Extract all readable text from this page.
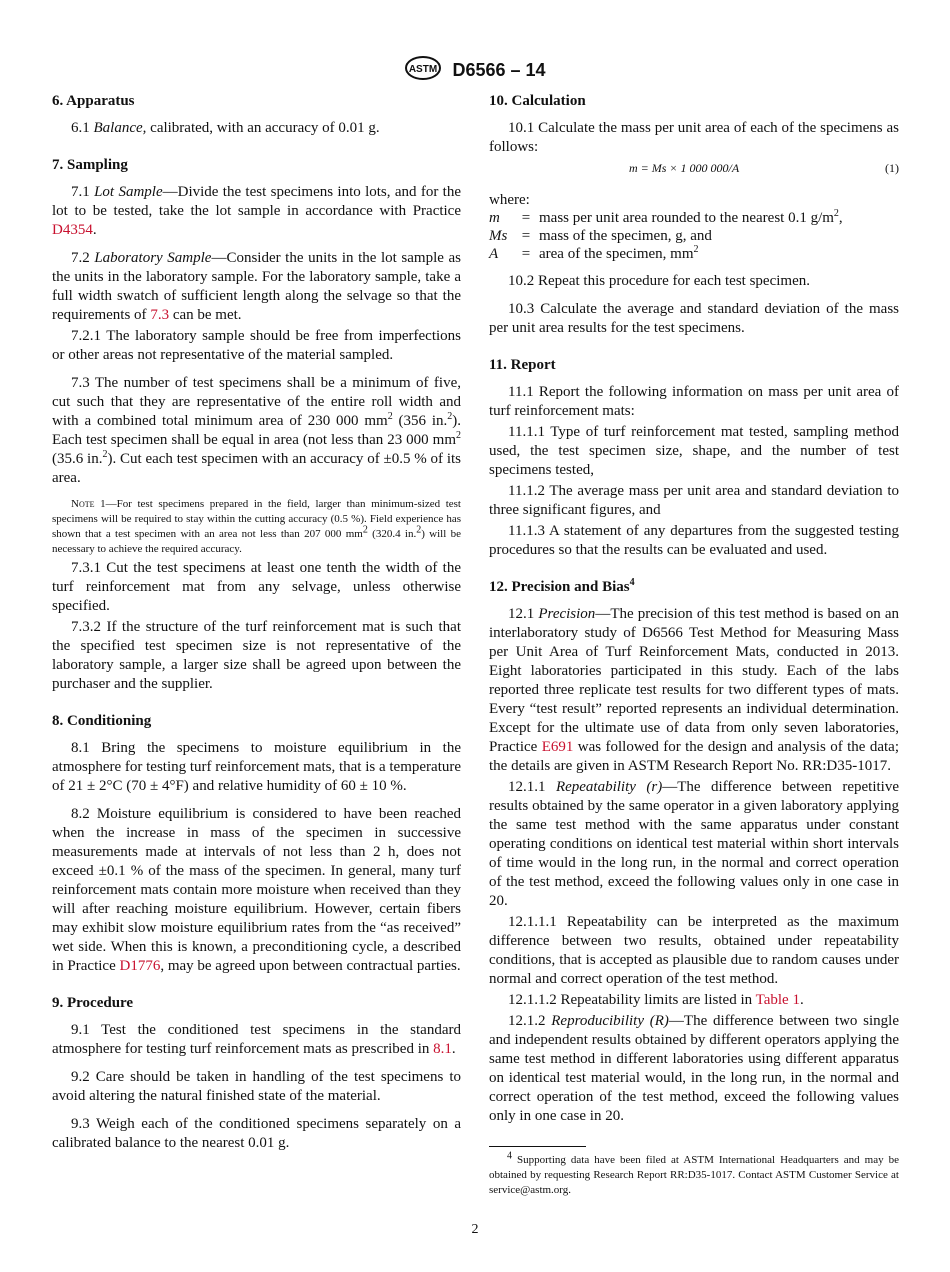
ASTM D6566 – 14
6. Apparatus

6.1 Balance, calibrated, with an accuracy of 0.01 g.

7. Sampling

7.1 Lot Sample—Divide the test specimens into lots, and for the lot to be tested, take the lot sample in accordance with Practice D4354.

7.2 Laboratory Sample—Consider the units in the lot sample as the units in the laboratory sample. For the laboratory sample, take a full width swatch of sufficient length along the selvage so that the requirements of 7.3 can be met.

7.2.1 The laboratory sample should be free from imperfections or other areas not representative of the material sampled.

7.3 The number of test specimens shall be a minimum of five, cut such that they are representative of the entire roll width and with a combined total minimum area of 230 000 $mm^2$ (356 in.$^2$). Each test specimen shall be equal in area (not less than 23 000 $mm^2$ (35.6 in.$^2$). Cut each test specimen with an accuracy of ±0.5 % of its area.

Note 1—For test specimens prepared in the field, larger than minimum-sized test specimens will be required to stay within the cutting accuracy (0.5 %). Field experience has shown that a test specimen with an area not less than 207 000 $mm^2$ (320.4 in.$^2$) will be necessary to achieve the required accuracy.

7.3.1 Cut the test specimens at least one tenth the width of the turf reinforcement mat from any selvage, unless otherwise specified.

7.3.2 If the structure of the turf reinforcement mat is such that the specified test specimen size is not representative of the laboratory sample, a larger size shall be agreed upon between the purchaser and the supplier.

8. Conditioning

8.1 Bring the specimens to moisture equilibrium in the atmosphere for testing turf reinforcement mats, that is a temperature of 21 ± 2°C (70 ± 4°F) and relative humidity of 60 ± 10 %.

8.2 Moisture equilibrium is considered to have been reached when the increase in mass of the specimen in successive measurements made at intervals of not less than 2 h, does not exceed ±0.1 % of the mass of the specimen. In general, many turf reinforcement mats contain more moisture when received than they will after reaching moisture equilibrium. However, certain fibers may exhibit slow moisture equilibrium rates from the “as received” wet side. When this is known, a preconditioning cycle, a described in Practice D1776, may be agreed upon between contractual parties.

9. Procedure

9.1 Test the conditioned test specimens in the standard atmosphere for testing turf reinforcement mats as prescribed in 8.1.

9.2 Care should be taken in handling of the test specimens to avoid altering the natural finished state of the material.

9.3 Weigh each of the conditioned specimens separately on a calibrated balance to the nearest 0.01 g.

10. Calculation

10.1 Calculate the mass per unit area of each of the specimens as follows:

m = Ms × 1 000 000/A	(1)

where:

m	= mass per unit area rounded to the nearest 0.1 $g/m^2$,
Ms = mass of the specimen, g, and
A	= area of the specimen, $mm^2$

10.2 Repeat this procedure for each test specimen.

10.3 Calculate the average and standard deviation of the mass per unit area results for the test specimens.

11. Report

11.1 Report the following information on mass per unit area of turf reinforcement mats:

11.1.1 Type of turf reinforcement mat tested, sampling method used, the test specimen size, shape, and the number of test specimens tested,

11.1.2 The average mass per unit area and standard deviation to three significant figures, and

11.1.3 A statement of any departures from the suggested testing procedures so that the results can be evaluated and used.

12. Precision and Bias$^4$

12.1 Precision—The precision of this test method is based on an interlaboratory study of D6566 Test Method for Measuring Mass per Unit Area of Turf Reinforcement Mats, conducted in 2013. Eight laboratories participated in this study. Each of the labs reported three replicate test results for two different types of mats. Every “test result” reported represents an individual determination. Except for the ultimate use of data from only seven laboratories, Practice E691 was followed for the design and analysis of the data; the details are given in ASTM Research Report No. RR:D35-1017.

12.1.1 Repeatability (r)—The difference between repetitive results obtained by the same operator in a given laboratory applying the same test method with the same apparatus under constant operating conditions on identical test material within short intervals of time would in the long run, in the normal and correct operation of the test method, exceed the following values only in one case in 20.

12.1.1.1 Repeatability can be interpreted as the maximum difference between two results, obtained under repeatability conditions, that is accepted as plausible due to random causes under normal and correct operation of the test method.

12.1.1.2 Repeatability limits are listed in Table 1.

12.1.2 Reproducibility (R)—The difference between two single and independent results obtained by different operators applying the same test method in different laboratories using different apparatus on identical test material would, in the long run, in the normal and correct operation of the test method, exceed the following values only in one case in 20.

$^4$ Supporting data have been filed at ASTM International Headquarters and may be obtained by requesting Research Report RR:D35-1017. Contact ASTM Customer Service at service@astm.org.

2
